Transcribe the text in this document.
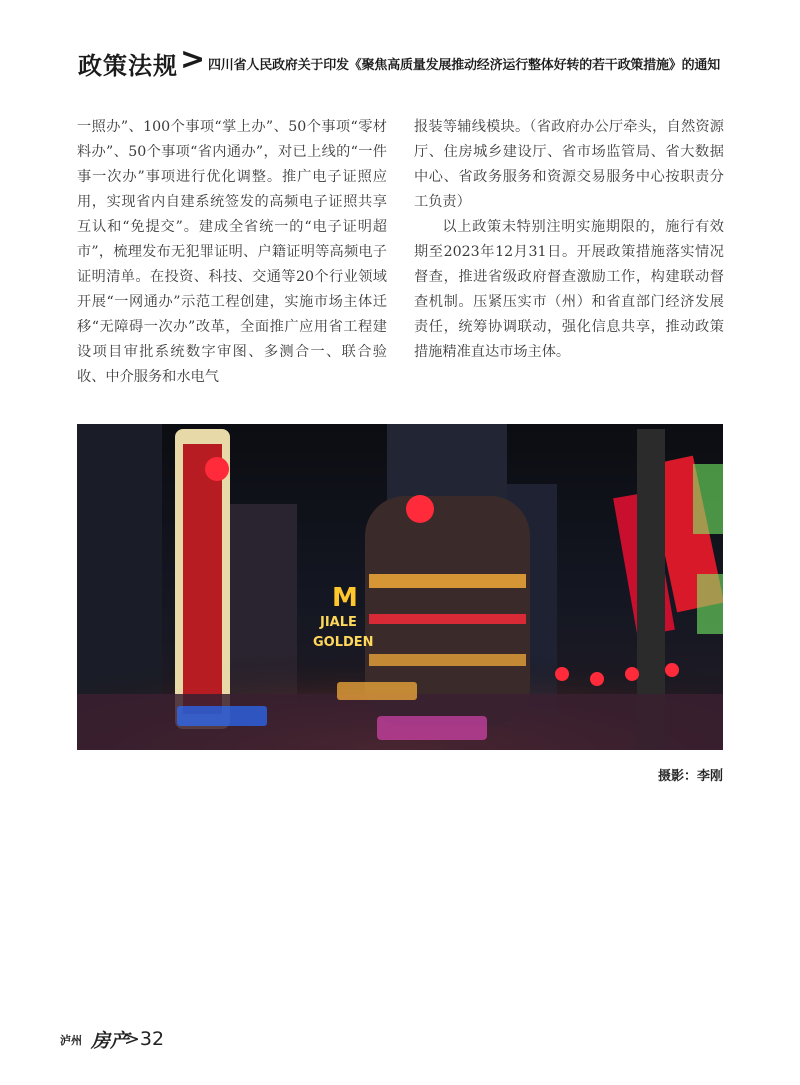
政策法规 > 四川省人民政府关于印发《聚焦高质量发展推动经济运行整体好转的若干政策措施》的通知

一照办”、100个事项“掌上办”、50个事项“零材料办”、50个事项“省内通办”，对已上线的“一件事一次办”事项进行优化调整。推广电子证照应用，实现省内自建系统签发的高频电子证照共享互认和“免提交”。建成全省统一的“电子证明超市”，梳理发布无犯罪证明、户籍证明等高频电子证明清单。在投资、科技、交通等20个行业领域开展“一网通办”示范工程创建，实施市场主体迁移“无障碍一次办”改革，全面推广应用省工程建设项目审批系统数字审图、多测合一、联合验收、中介服务和水电气

报装等辅线模块。（省政府办公厅牵头，自然资源厅、住房城乡建设厅、省市场监管局、省大数据中心、省政务服务和资源交易服务中心按职责分工负责）

以上政策未特别注明实施期限的，施行有效期至2023年12月31日。开展政策措施落实情况督查，推进省级政府督查激励工作，构建联动督查机制。压紧压实市（州）和省直部门经济发展责任，统筹协调联动，强化信息共享，推动政策措施精准直达市场主体。

M
JIALE
GOLDEN
摄影：李刚
泸州 房产
>32
